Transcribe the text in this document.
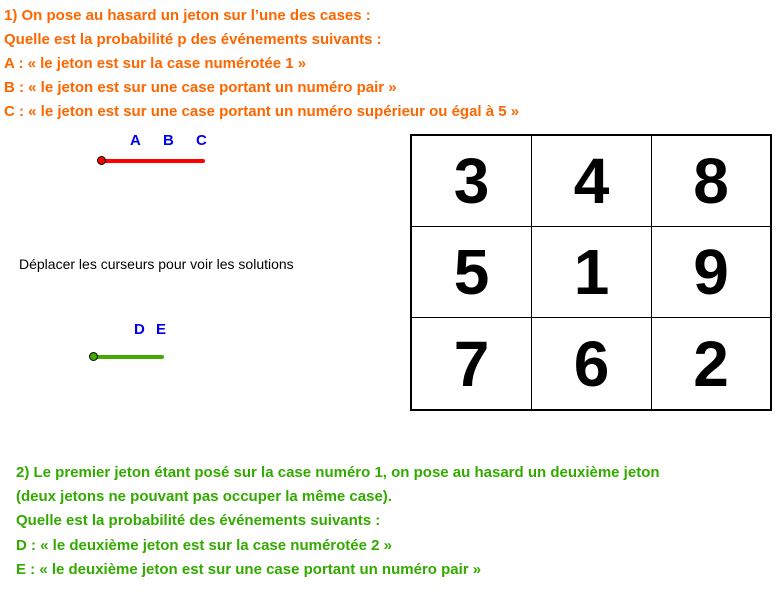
1) On pose au hasard un jeton sur l’une des cases :
Quelle est la probabilité p des événements suivants :
A : « le jeton est sur la case numérotée 1 »
B : « le jeton est sur une case portant un numéro pair »
C : « le jeton est sur une case portant un numéro supérieur ou égal à 5 »
A B C
Déplacer les curseurs pour voir les solutions
D E
3	4	8
5	1	9
7	6	2
2) Le premier jeton étant posé sur la case numéro 1, on pose au hasard un deuxième jeton
(deux jetons ne pouvant pas occuper la même case).
Quelle est la probabilité des événements suivants :
D : « le deuxième jeton est sur la case numérotée 2 »
E : « le deuxième jeton est sur une case portant un numéro pair »
